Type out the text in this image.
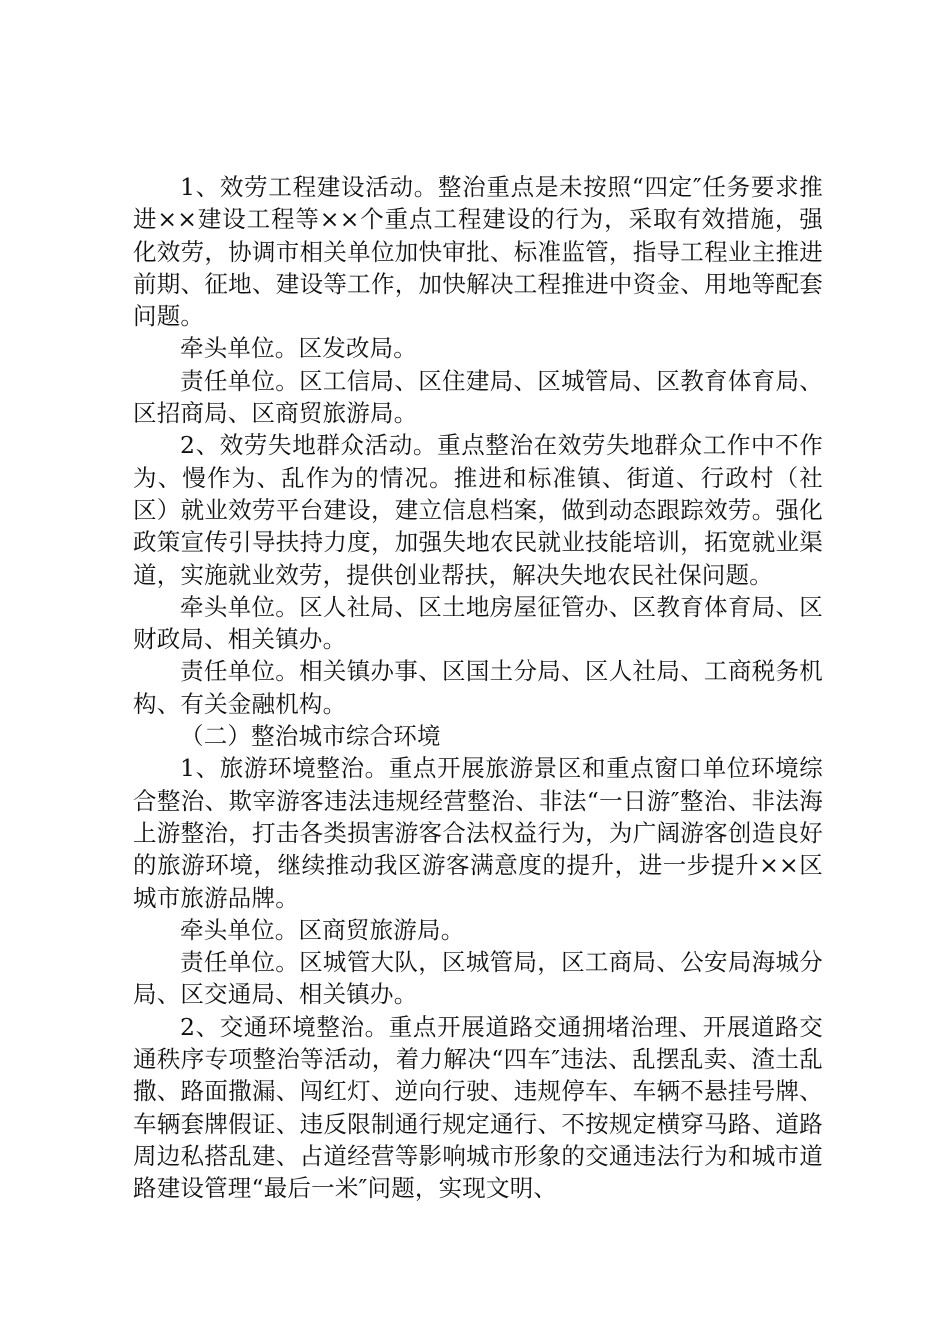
1、效劳工程建设活动。整治重点是未按照“四定″任务要求推进××建设工程等××个重点工程建设的行为，采取有效措施，强化效劳，协调市相关单位加快审批、标准监管，指导工程业主推进前期、征地、建设等工作，加快解决工程推进中资金、用地等配套问题。

牵头单位。区发改局。

责任单位。区工信局、区住建局、区城管局、区教育体育局、区招商局、区商贸旅游局。

2、效劳失地群众活动。重点整治在效劳失地群众工作中不作为、慢作为、乱作为的情况。推进和标准镇、街道、行政村（社区）就业效劳平台建设，建立信息档案，做到动态跟踪效劳。强化政策宣传引导扶持力度，加强失地农民就业技能培训，拓宽就业渠道，实施就业效劳，提供创业帮扶，解决失地农民社保问题。

牵头单位。区人社局、区土地房屋征管办、区教育体育局、区财政局、相关镇办。

责任单位。相关镇办事、区国土分局、区人社局、工商税务机构、有关金融机构。

（二）整治城市综合环境

1、旅游环境整治。重点开展旅游景区和重点窗口单位环境综合整治、欺宰游客违法违规经营整治、非法“一日游″整治、非法海上游整治，打击各类损害游客合法权益行为，为广阔游客创造良好的旅游环境，继续推动我区游客满意度的提升，进一步提升××区城市旅游品牌。

牵头单位。区商贸旅游局。

责任单位。区城管大队，区城管局，区工商局、公安局海城分局、区交通局、相关镇办。

2、交通环境整治。重点开展道路交通拥堵治理、开展道路交通秩序专项整治等活动，着力解决“四车″违法、乱摆乱卖、渣土乱撒、路面撒漏、闯红灯、逆向行驶、违规停车、车辆不悬挂号牌、车辆套牌假证、违反限制通行规定通行、不按规定横穿马路、道路周边私搭乱建、占道经营等影响城市形象的交通违法行为和城市道路建设管理“最后一米″问题，实现文明、
